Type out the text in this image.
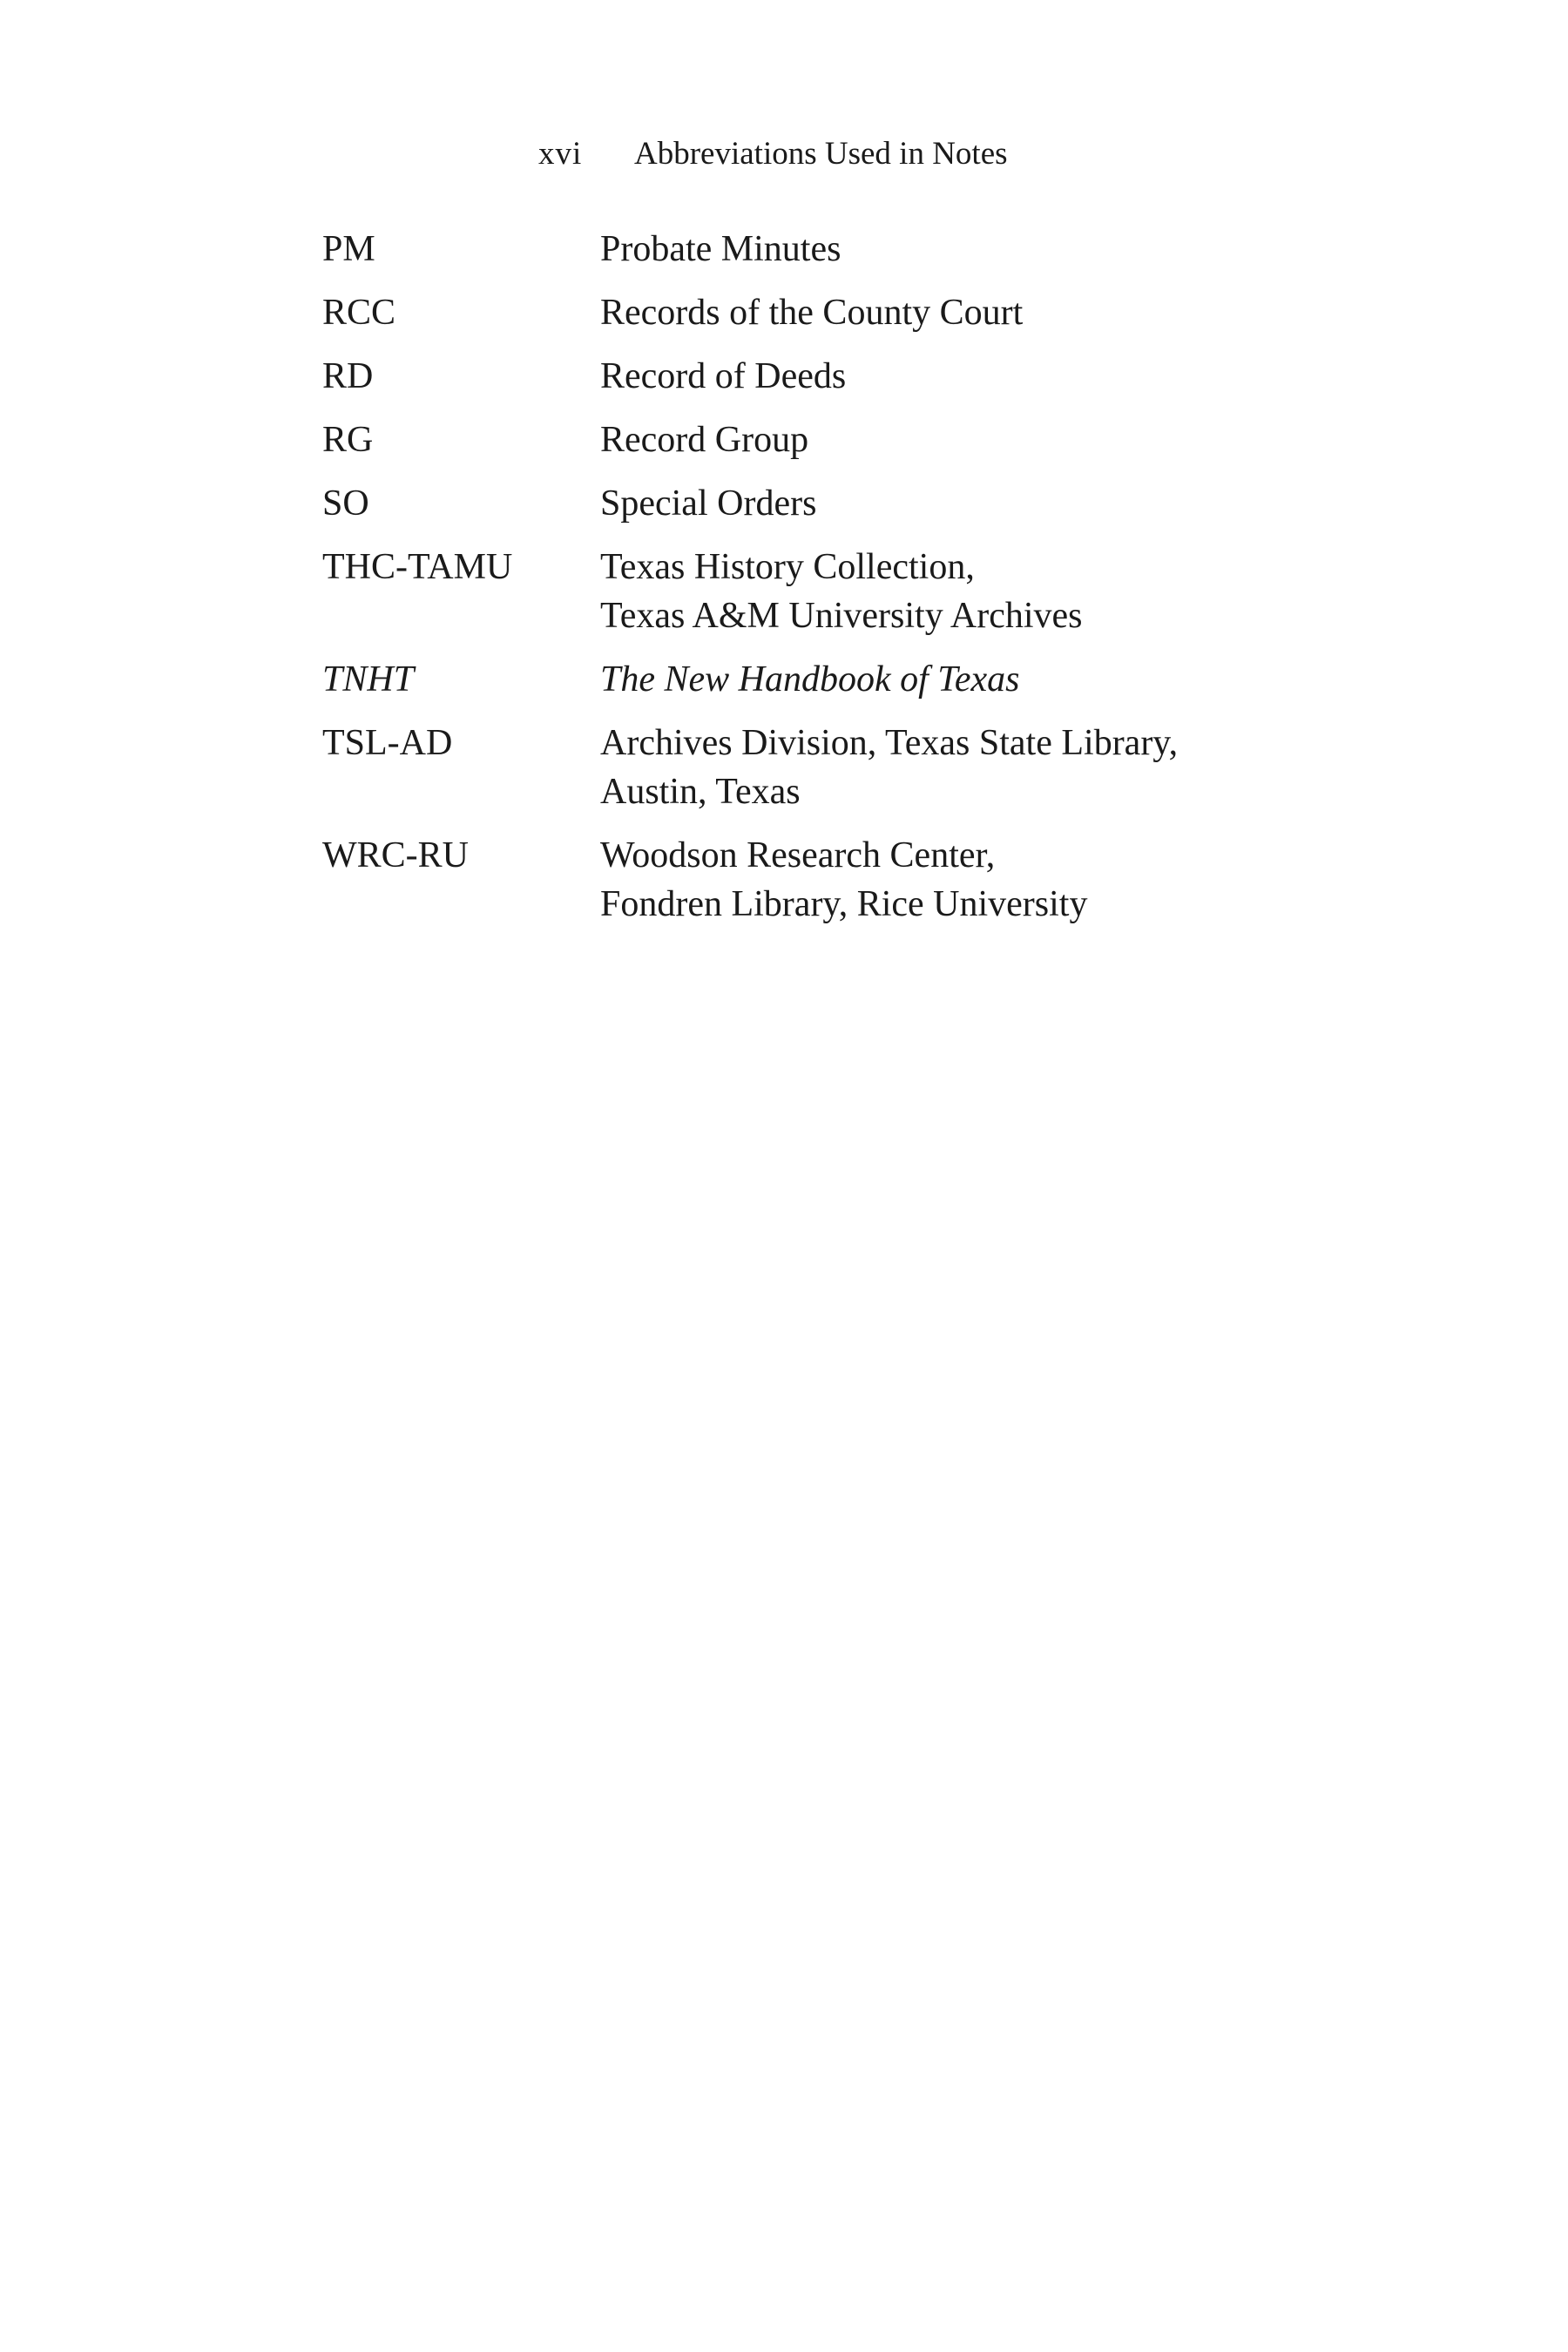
xvi Abbreviations Used in Notes
PM	Probate Minutes
RCC	Records of the County Court
RD	Record of Deeds
RG	Record Group
SO	Special Orders
THC-TAMU Texas History Collection,
Texas A&M University Archives
TNHT	The New Handbook of Texas
TSL-AD	Archives Division, Texas State Library,
Austin, Texas
WRC-RU	Woodson Research Center,
Fondren Library, Rice University
